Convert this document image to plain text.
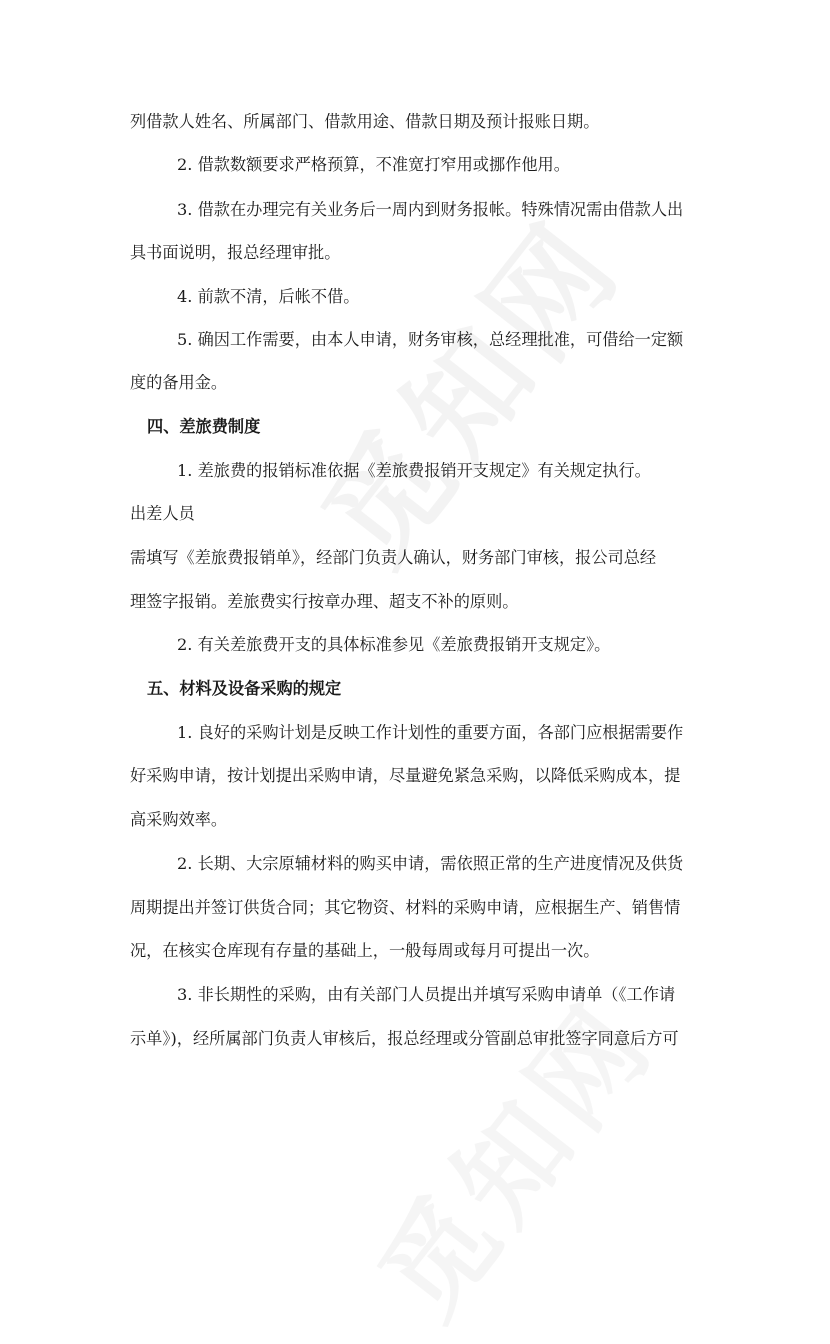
列借款人姓名、所属部门、借款用途、借款日期及预计报账日期。
2. 借款数额要求严格预算，不准宽打窄用或挪作他用。
3. 借款在办理完有关业务后一周内到财务报帐。特殊情况需由借款人出
具书面说明，报总经理审批。
4. 前款不清，后帐不借。
5. 确因工作需要，由本人申请，财务审核，总经理批准，可借给一定额
度的备用金。
四、差旅费制度
1. 差旅费的报销标准依据《差旅费报销开支规定》有关规定执行。
出差人员
需填写《差旅费报销单》，经部门负责人确认，财务部门审核，报公司总经
理签字报销。差旅费实行按章办理、超支不补的原则。
2. 有关差旅费开支的具体标准参见《差旅费报销开支规定》。
五、材料及设备采购的规定
1. 良好的采购计划是反映工作计划性的重要方面，各部门应根据需要作
好采购申请，按计划提出采购申请，尽量避免紧急采购，以降低采购成本，提
高采购效率。
2. 长期、大宗原辅材料的购买申请，需依照正常的生产进度情况及供货
周期提出并签订供货合同；其它物资、材料的采购申请，应根据生产、销售情
况，在核实仓库现有存量的基础上，一般每周或每月可提出一次。
3. 非长期性的采购，由有关部门人员提出并填写采购申请单（《工作请
示单》)，经所属部门负责人审核后，报总经理或分管副总审批签字同意后方可
